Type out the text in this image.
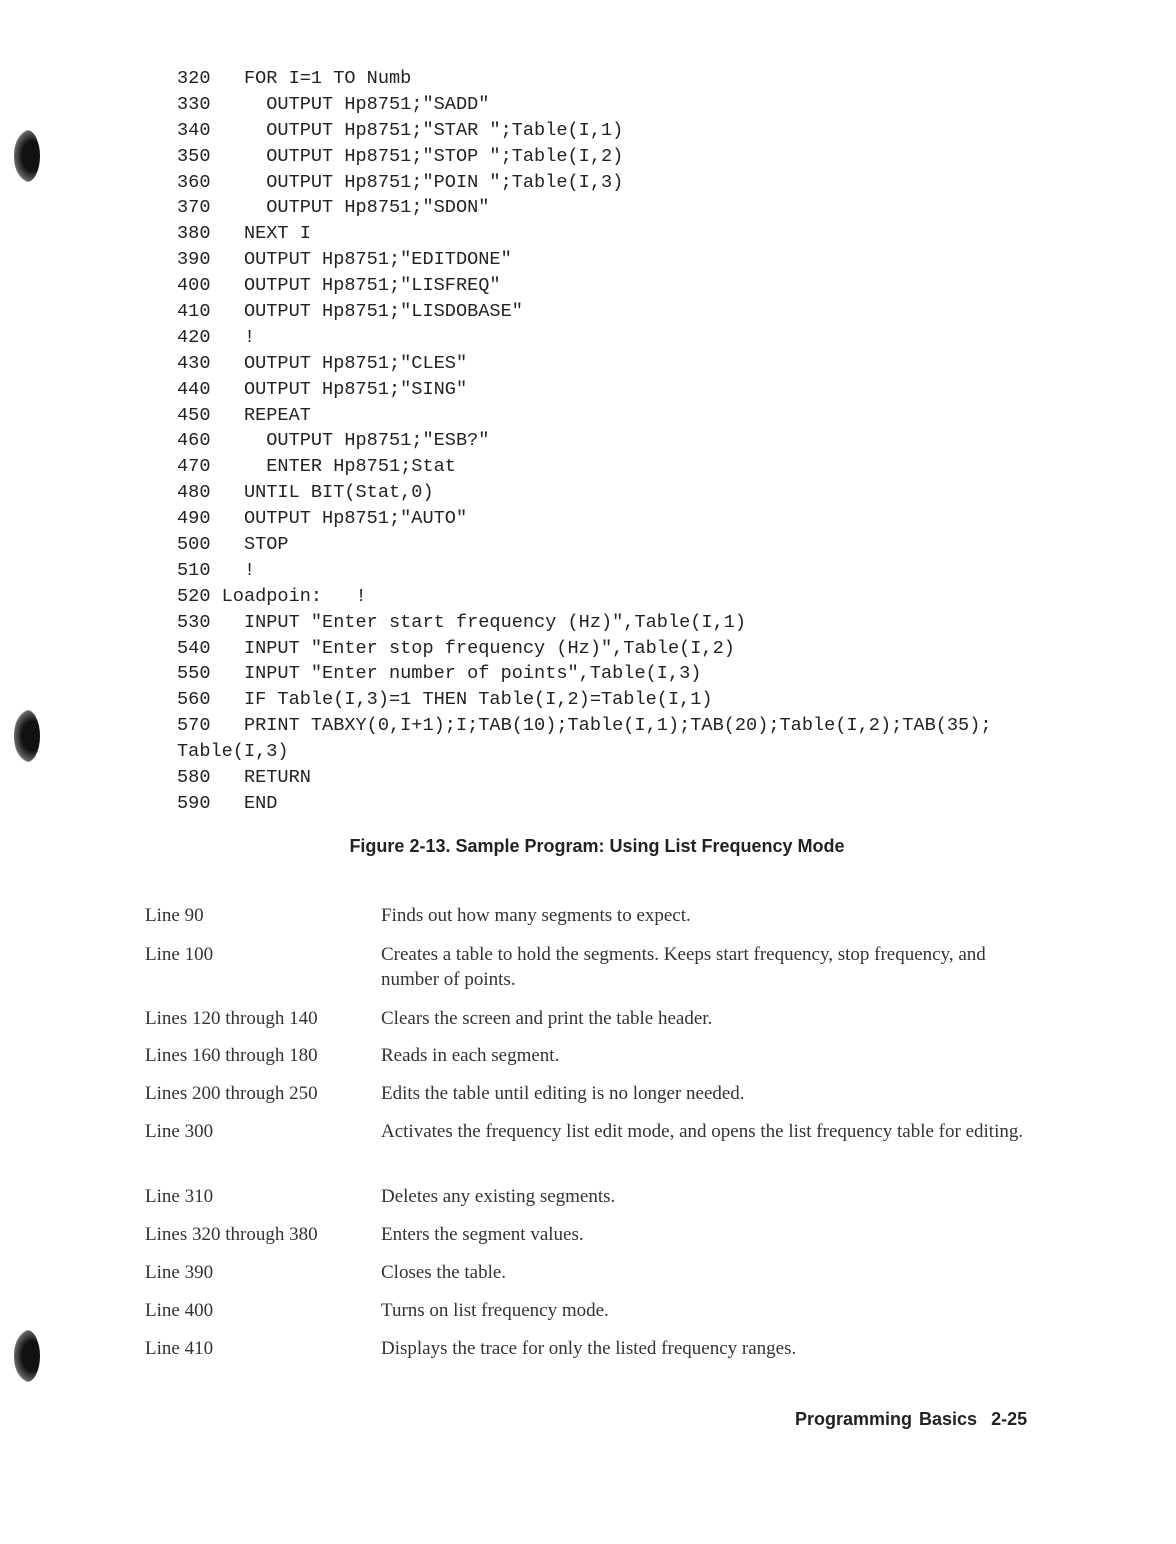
320 FOR I=1 TO Numb
330  OUTPUT Hp8751;"SADD"
340  OUTPUT Hp8751;"STAR ";Table(I,1)
350  OUTPUT Hp8751;"STOP ";Table(I,2)
360  OUTPUT Hp8751;"POIN ";Table(I,3)
370  OUTPUT Hp8751;"SDON"
380 NEXT I
390 OUTPUT Hp8751;"EDITDONE"
400 OUTPUT Hp8751;"LISFREQ"
410 OUTPUT Hp8751;"LISDOBASE"
420 !
430 OUTPUT Hp8751;"CLES"
440 OUTPUT Hp8751;"SING"
450 REPEAT
460  OUTPUT Hp8751;"ESB?"
470  ENTER Hp8751;Stat
480 UNTIL BIT(Stat,0)
490 OUTPUT Hp8751;"AUTO"
500 STOP
510 !
520 Loadpoin:   !
530 INPUT "Enter start frequency (Hz)",Table(I,1)
540 INPUT "Enter stop frequency (Hz)",Table(I,2)
550 INPUT "Enter number of points",Table(I,3)
560 IF Table(I,3)=1 THEN Table(I,2)=Table(I,1)
570 PRINT TABXY(0,I+1);I;TAB(10);Table(I,1);TAB(20);Table(I,2);TAB(35);
Table(I,3)
580 RETURN
590 END
Figure 2-13. Sample Program: Using List Frequency Mode
Line 90	Finds out how many segments to expect.
Line 100	Creates a table to hold the segments. Keeps start frequency, stop frequency, and number of points.
Lines 120 through 140	Clears the screen and print the table header.
Lines 160 through 180	Reads in each segment.
Lines 200 through 250	Edits the table until editing is no longer needed.
Line 300	Activates the frequency list edit mode, and opens the list frequency table for editing.
Line 310	Deletes any existing segments.
Lines 320 through 380	Enters the segment values.
Line 390	Closes the table.
Line 400	Turns on list frequency mode.
Line 410	Displays the trace for only the listed frequency ranges.
Programming Basics 2-25
